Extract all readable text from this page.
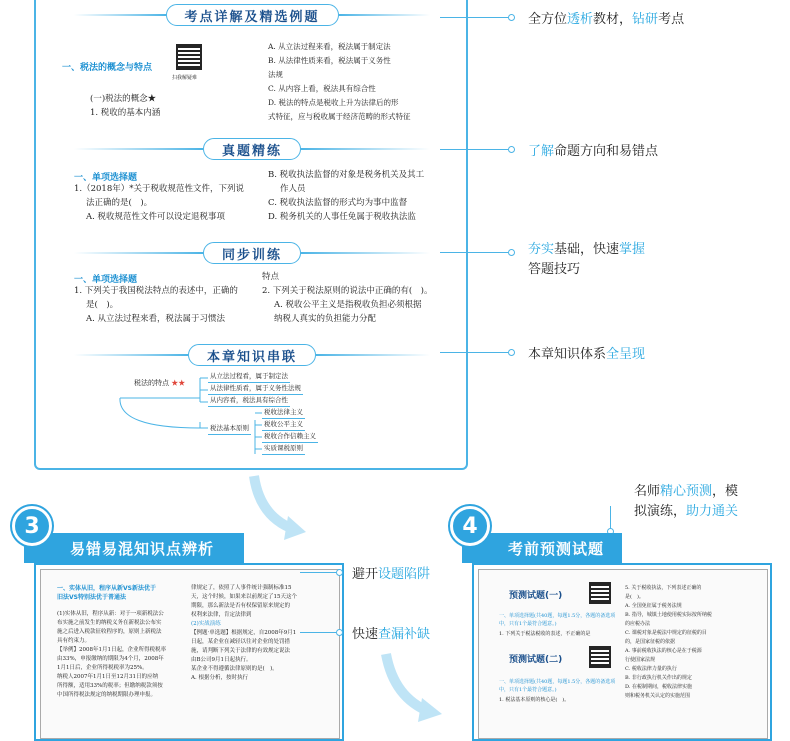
考点详解及精选例题
一、税法的概念与特点
扫我解疑难
(一)税法的概念★
1. 税收的基本内涵
A. 从立法过程来看，税法属于制定法
B. 从法律性质来看，税法属于义务性
法规
C. 从内容上看，税法具有综合性
D. 税法的特点是税收上升为法律后的形
式特征，应与税收属于经济范畴的形式特征
真题精练
一、单项选择题
1.（2018年）*关于税收规范性文件，下列说
法正确的是(　)。
A. 税收规范性文件可以设定退税事项
B. 税收执法监督的对象是税务机关及其工
作人员
C. 税收执法监督的形式均为事中监督
D. 税务机关的人事任免属于税收执法监
同步训练
一、单项选择题
1. 下列关于我国税法特点的表述中，正确的
是(　)。
A. 从立法过程来看，税法属于习惯法
特点
2. 下列关于税法原则的说法中正确的有(　)。
A. 税收公平主义是指税收负担必须根据
纳税人真实的负担能力分配
本章知识串联
税法的特点 ★★
从立法过程看，属于制定法
从法律性质看，属于义务性法规
从内容看，税法具有综合性
税法基本原则
税收法律主义
税收公平主义
税收合作信赖主义
实质课税原则
全方位透析教材，钻研考点
了解命题方向和易错点
夯实基础，快速掌握
答题技巧
本章知识体系全呈现
易错易混知识点辨析
3
一、实体从旧，程序从新VS新法优于旧法VS特别法优于普通法
(1)实体从旧，程序从新：对于一项新税法公
布实施之前发生的纳税义务在新税法公布实
施之后进入税款征收程序的，原则上新税法
具有约束力。
【举例】2008年1月1日起，企业所得税税率
由33%，申报缴纳的期限为4个月，2008年
1月1日后，企业所得税税率为25%。
纳税人2007年1月1日至12月31日的应纳
所得额，适用33%的税率；但缴纳税款须按
中国所得税法规定的纳税期限办理申报。
律规定了，依照了人事件统计强制标准15
天，这个时候，如果来以前规定了15天这个
期限，那么新法是否有权保留原来规定的
权利来法律，肯定法律到
(2)实战演练
【例题·单选题】根据规定，自2008年9月1
日起，某企业在减轻以往对企业的处罚措
施，请判断下列关于法律的有效规定说法
由B公司9月1日起执行。
某企业不得遵循法律原则的是(　)。
A. 根据分析，按时执行
避开设题陷阱
快速查漏补缺
名师精心预测，模
拟演练，助力通关
考前预测试题
4
预测试题(一)
一、单项选择题(共40题，每题1.5分，各题的备选项中，只有1个最符合题意。)
1. 下列关于税法税收的表述，不正确的是
预测试题(二)
一、单项选择题(共40题，每题1.5分，各题的备选项中，只有1个最符合题意。)
1. 税法基本原则的核心是(　)。
5. 关于税收执法，下列表述正确的
是(　)。
A. 全国免征属于税务法规
B. 指导，城镇土地使用税实际按所纳税
的应税办法
C. 课税对象是税法中规定的征税的目
的，是国家征税的依据
A. 事前税收执法的核心是在于税源
行使国家法规
C. 税收法律力量的执行
B. 非行政执行机关作出的规定
D. 在税制期间，税收法律实施
则和税务机关认定的实施范围
